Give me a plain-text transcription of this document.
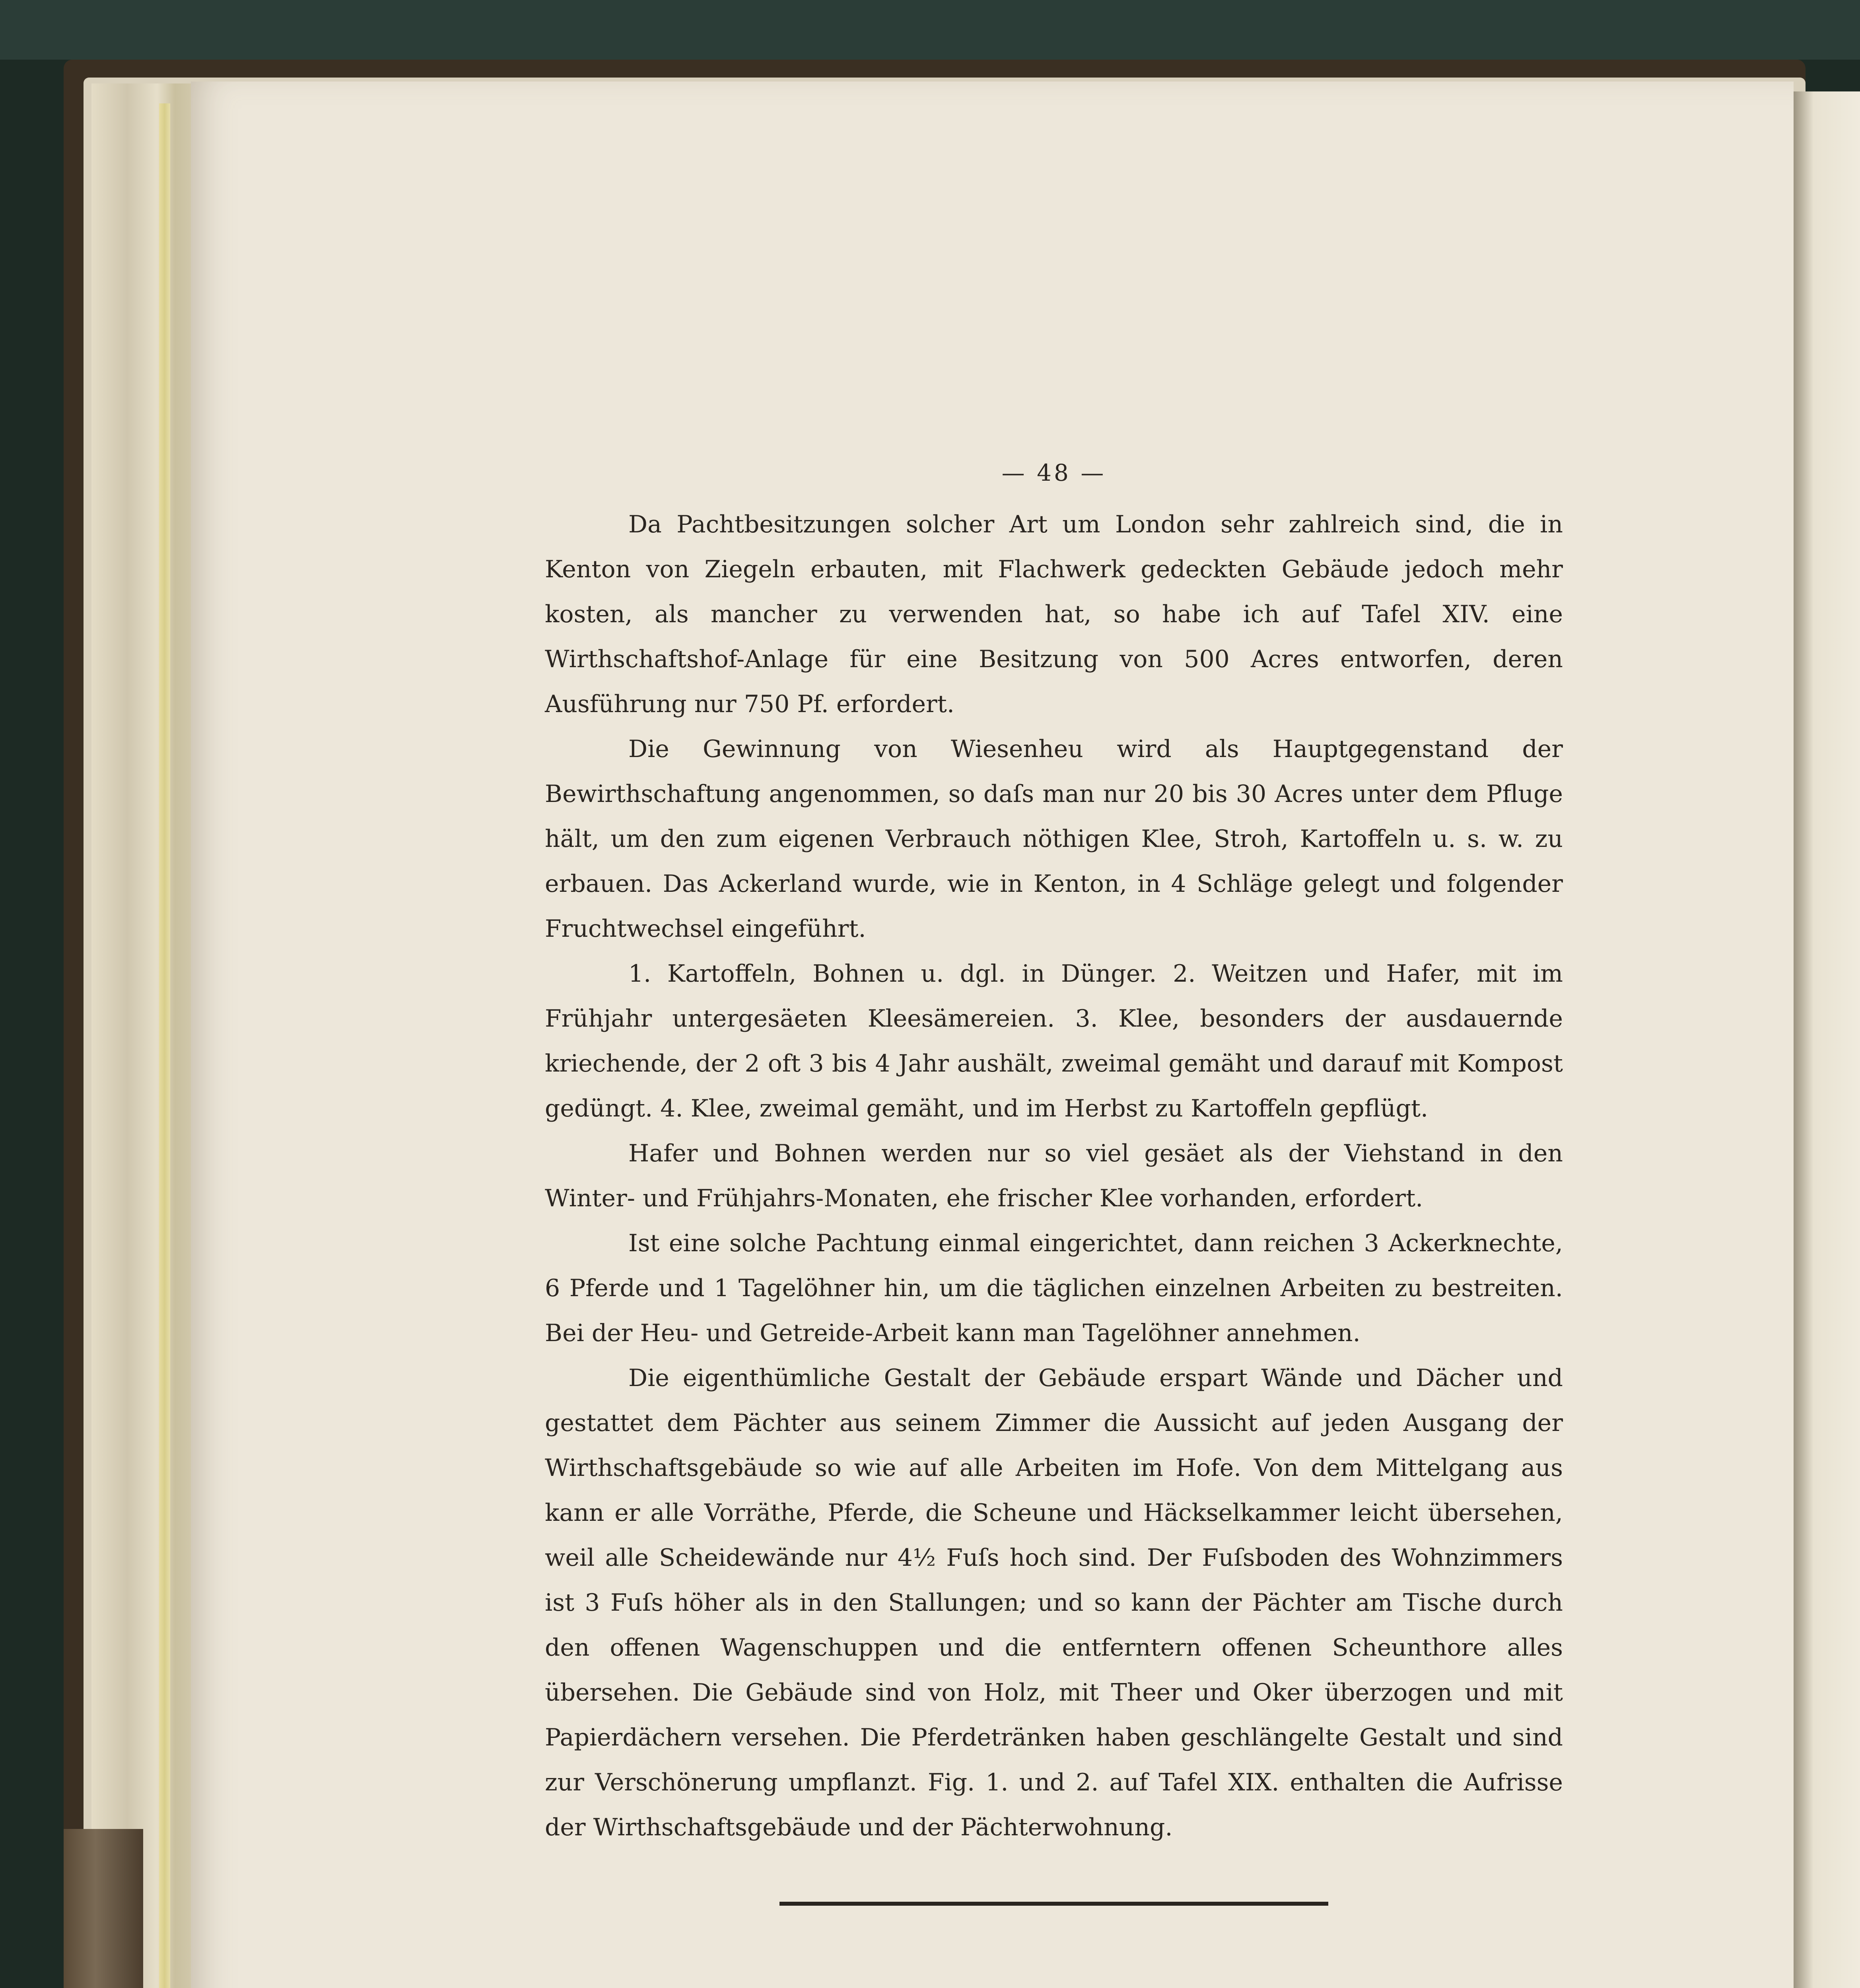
— 48 —

Da Pachtbesitzungen solcher Art um London sehr zahlreich sind, die in Kenton von Ziegeln erbauten, mit Flachwerk gedeckten Gebäude jedoch mehr kosten, als mancher zu verwenden hat, so habe ich auf Tafel XIV. eine Wirthschaftshof-Anlage für eine Besitzung von 500 Acres entworfen, deren Ausführung nur 750 Pf. erfordert.

Die Gewinnung von Wiesenheu wird als Hauptgegenstand der Bewirthschaftung angenommen, so daſs man nur 20 bis 30 Acres unter dem Pfluge hält, um den zum eigenen Verbrauch nöthigen Klee, Stroh, Kartoffeln u. s. w. zu erbauen. Das Ackerland wurde, wie in Kenton, in 4 Schläge gelegt und folgender Fruchtwechsel eingeführt.

1. Kartoffeln, Bohnen u. dgl. in Dünger. 2. Weitzen und Hafer, mit im Frühjahr untergesäeten Kleesämereien. 3. Klee, besonders der ausdauernde kriechende, der 2 oft 3 bis 4 Jahr aushält, zweimal gemäht und darauf mit Kompost gedüngt. 4. Klee, zweimal gemäht, und im Herbst zu Kartoffeln gepflügt.

Hafer und Bohnen werden nur so viel gesäet als der Viehstand in den Winter- und Frühjahrs-Monaten, ehe frischer Klee vorhanden, erfordert.

Ist eine solche Pachtung einmal eingerichtet, dann reichen 3 Ackerknechte, 6 Pferde und 1 Tagelöhner hin, um die täglichen einzelnen Arbeiten zu bestreiten. Bei der Heu- und Getreide-Arbeit kann man Tagelöhner annehmen.

Die eigenthümliche Gestalt der Gebäude erspart Wände und Dächer und gestattet dem Pächter aus seinem Zimmer die Aussicht auf jeden Ausgang der Wirthschaftsgebäude so wie auf alle Arbeiten im Hofe. Von dem Mittelgang aus kann er alle Vorräthe, Pferde, die Scheune und Häckselkammer leicht übersehen, weil alle Scheidewände nur 4½ Fuſs hoch sind. Der Fuſsboden des Wohnzimmers ist 3 Fuſs höher als in den Stallungen; und so kann der Pächter am Tische durch den offenen Wagenschuppen und die entferntern offenen Scheunthore alles übersehen. Die Gebäude sind von Holz, mit Theer und Oker überzogen und mit Papierdächern versehen. Die Pferdetränken haben geschlängelte Gestalt und sind zur Verschönerung umpflanzt. Fig. 1. und 2. auf Tafel XIX. enthalten die Aufrisse der Wirthschaftsgebäude und der Pächterwohnung.
